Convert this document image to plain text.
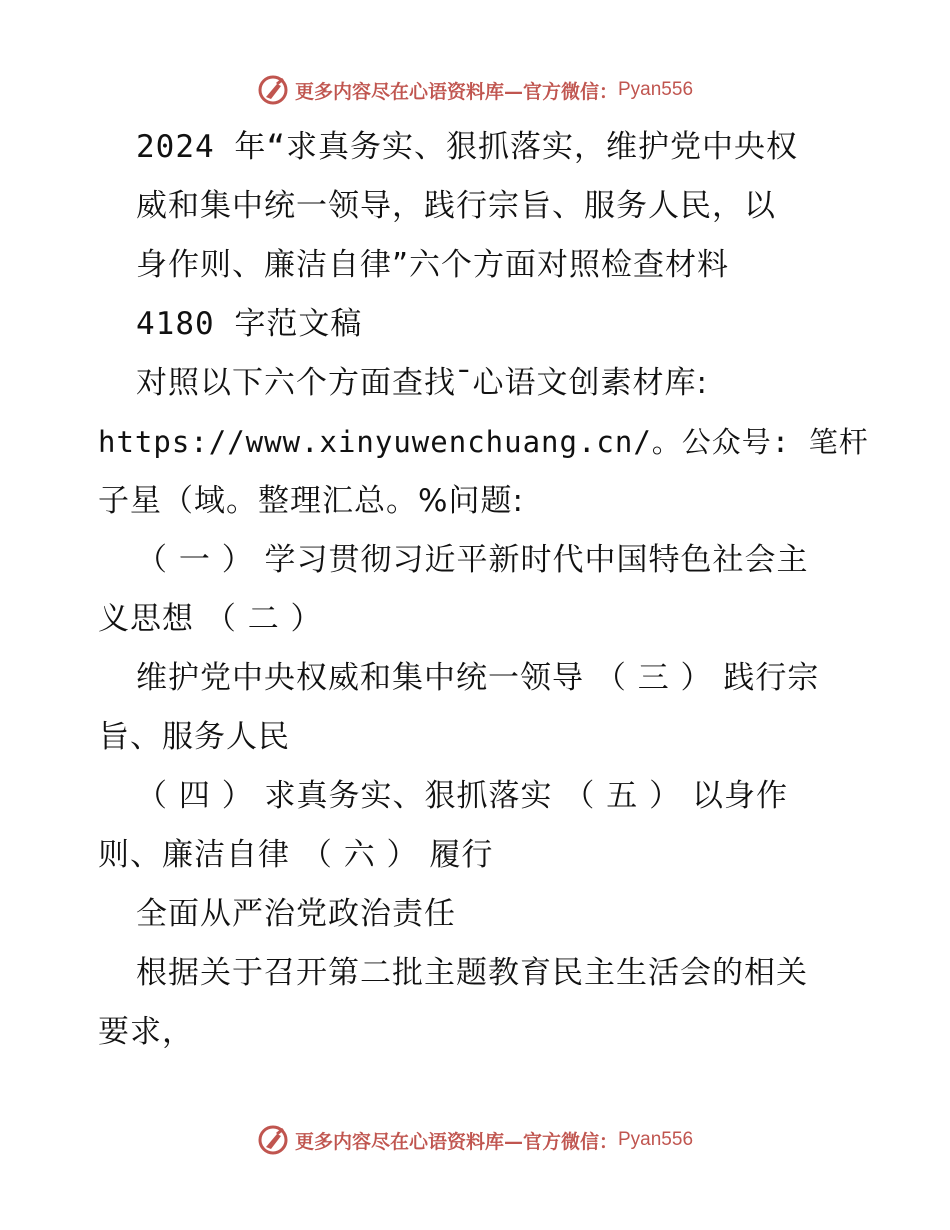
更多内容尽在心语资料库—官方微信： Pyan556
2024 年“求真务实、狠抓落实，维护党中央权
威和集中统一领导，践行宗旨、服务人民，以
身作则、廉洁自律”六个方面对照检查材料
4180 字范文稿
对照以下六个方面查找¯心语文创素材库:
https://www.xinyuwenchuang.cn/。公众号: 笔杆
子星（域。整理汇总。%问题:
（ 一 ） 学习贯彻习近平新时代中国特色社会主
义思想 （ 二 ）
维护党中央权威和集中统一领导 （ 三 ） 践行宗
旨、服务人民
（ 四 ） 求真务实、狠抓落实 （ 五 ） 以身作
则、廉洁自律 （ 六 ） 履行
全面从严治党政治责任
根据关于召开第二批主题教育民主生活会的相关
要求，
更多内容尽在心语资料库—官方微信： Pyan556
